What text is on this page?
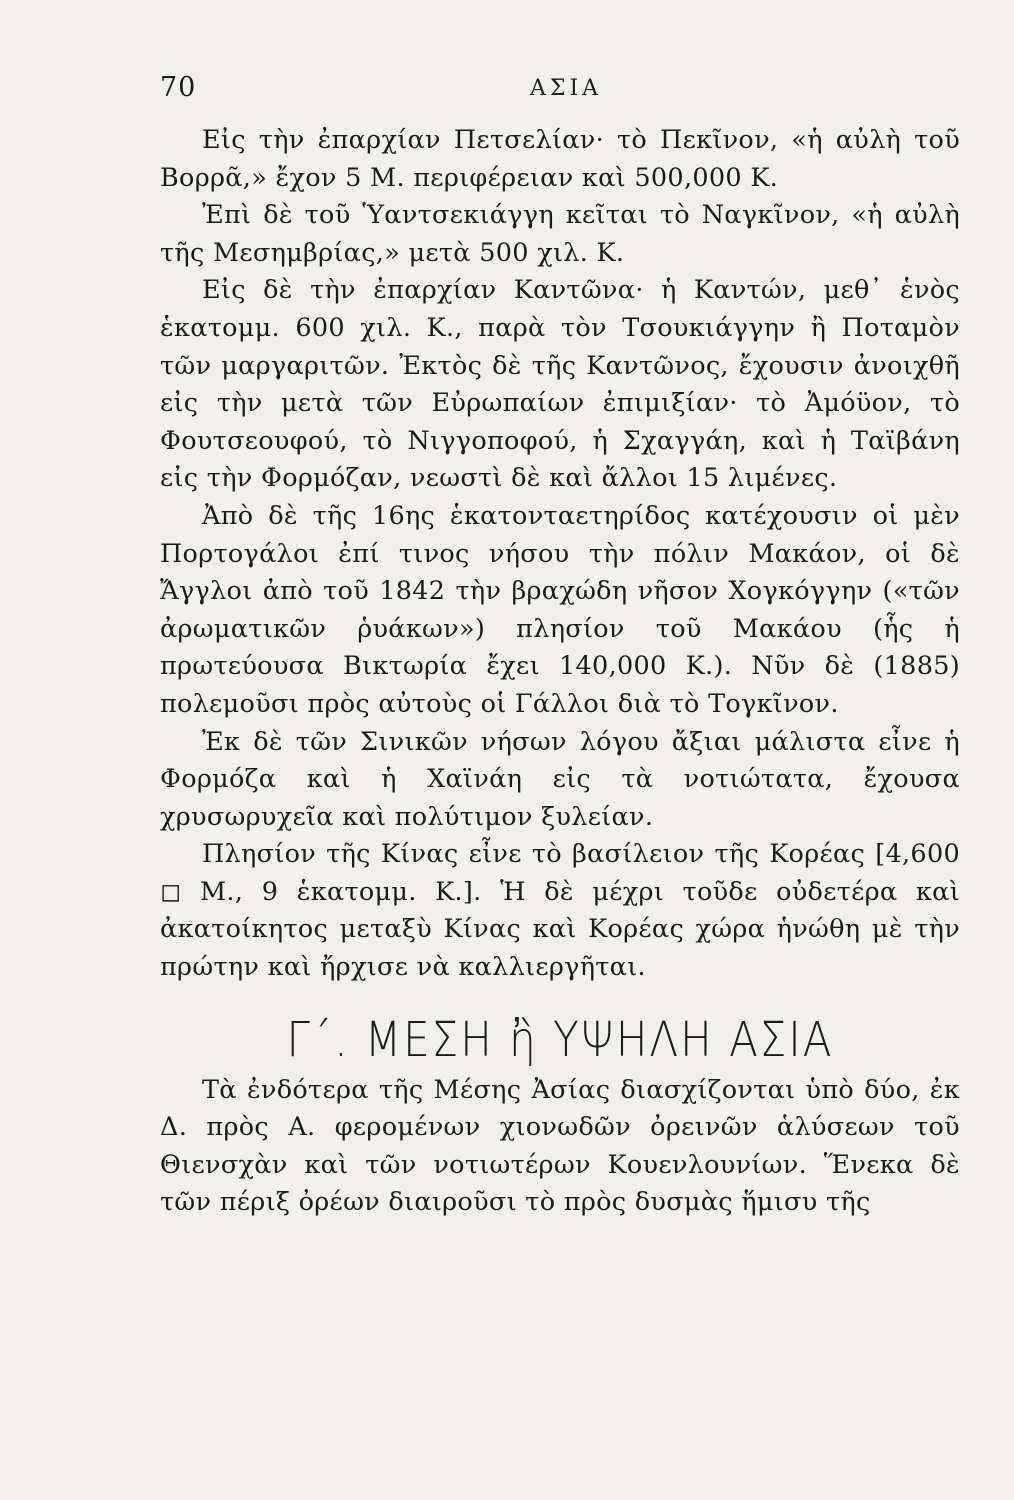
70	ΑΣΙΑ

Εἰς τὴν ἐπαρχίαν Πετσελίαν· τὸ Πεκῖνον, «ἡ αὐλὴ τοῦ Βορρᾶ,» ἔχον 5 Μ. περιφέρειαν καὶ 500,000 Κ.

Ἐπὶ δὲ τοῦ Ὑαντσεκιάγγη κεῖται τὸ Ναγκῖνον, «ἡ αὐλὴ τῆς Μεσημβρίας,» μετὰ 500 χιλ. Κ.

Εἰς δὲ τὴν ἐπαρχίαν Καντῶνα· ἡ Καντών, μεθ᾽ ἑνὸς ἑκατομμ. 600 χιλ. Κ., παρὰ τὸν Τσουκιάγγην ἢ Ποταμὸν τῶν μαργαριτῶν. Ἐκτὸς δὲ τῆς Καντῶνος, ἔχουσιν ἀνοιχθῆ εἰς τὴν μετὰ τῶν Εὐρωπαίων ἐπιμιξίαν· τὸ Ἀμόϋον, τὸ Φουτσεουφού, τὸ Νιγγοποφού, ἡ Σχαγγάη, καὶ ἡ Ταϊβάνη εἰς τὴν Φορμόζαν, νεωστὶ δὲ καὶ ἄλλοι 15 λιμένες.

Ἀπὸ δὲ τῆς 16ης ἑκατονταετηρίδος κατέχουσιν οἱ μὲν Πορτογάλοι ἐπί τινος νήσου τὴν πόλιν Μακάον, οἱ δὲ Ἄγγλοι ἀπὸ τοῦ 1842 τὴν βραχώδη νῆσον Χογκόγγην («τῶν ἀρωματικῶν ῥυάκων») πλησίον τοῦ Μακάου (ἧς ἡ πρωτεύουσα Βικτωρία ἔχει 140,000 Κ.). Νῦν δὲ (1885) πολεμοῦσι πρὸς αὐτοὺς οἱ Γάλλοι διὰ τὸ Τογκῖνον.

Ἐκ δὲ τῶν Σινικῶν νήσων λόγου ἄξιαι μάλιστα εἶνε ἡ Φορμόζα καὶ ἡ Χαϊνάη εἰς τὰ νοτιώτατα, ἔχουσα χρυσωρυχεῖα καὶ πολύτιμον ξυλείαν.

Πλησίον τῆς Κίνας εἶνε τὸ βασίλειον τῆς Κορέας [4,600 ◻ Μ., 9 ἑκατομμ. Κ.]. Ἡ δὲ μέχρι τοῦδε οὐδετέρα καὶ ἀκατοίκητος μεταξὺ Κίνας καὶ Κορέας χώρα ἡνώθη μὲ τὴν πρώτην καὶ ἤρχισε νὰ καλλιεργῆται.

Γ΄. ΜΕΣΗ ἢ ΥΨΗΛΗ ΑΣΙΑ

Τὰ ἐνδότερα τῆς Μέσης Ἀσίας διασχίζονται ὑπὸ δύο, ἐκ Δ. πρὸς Α. φερομένων χιονωδῶν ὀρεινῶν ἁλύσεων τοῦ Θιενσχὰν καὶ τῶν νοτιωτέρων Κουενλουνίων. Ἕνεκα δὲ τῶν πέριξ ὀρέων διαιροῦσι τὸ πρὸς δυσμὰς ἥμισυ τῆς
